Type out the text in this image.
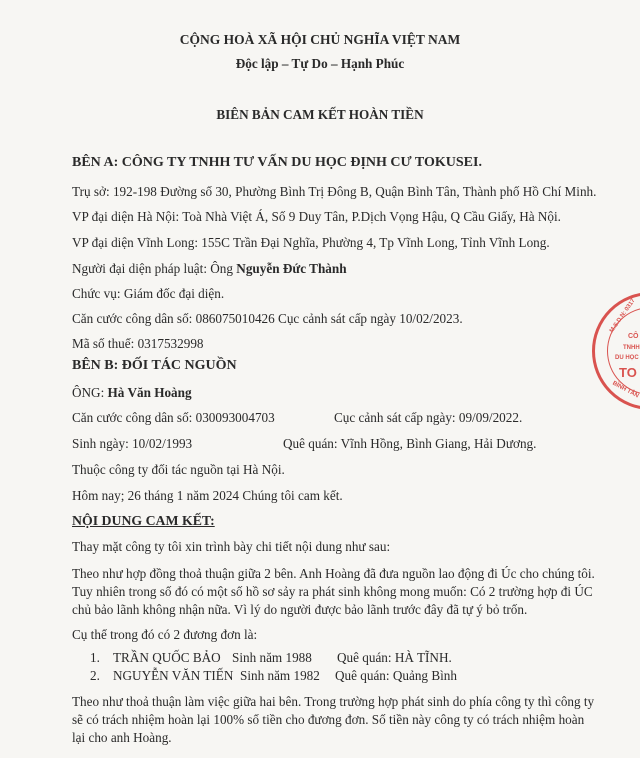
CỘNG HOÀ XÃ HỘI CHỦ NGHĨA VIỆT NAM
Độc lập – Tự Do – Hạnh Phúc
BIÊN BẢN CAM KẾT HOÀN TIỀN
BÊN A: CÔNG TY TNHH TƯ VẤN DU HỌC ĐỊNH CƯ TOKUSEI.
Trụ sở: 192-198 Đường số 30, Phường Bình Trị Đông B, Quận Bình Tân, Thành phố Hồ Chí Minh.
VP đại diện Hà Nội: Toà Nhà Việt Á, Số 9 Duy Tân, P.Dịch Vọng Hậu, Q Cầu Giấy, Hà Nội.
VP đại diện Vĩnh Long: 155C Trần Đại Nghĩa, Phường 4, Tp Vĩnh Long, Tỉnh Vĩnh Long.
Người đại diện pháp luật: Ông Nguyễn Đức Thành
Chức vụ: Giám đốc đại diện.
Căn cước công dân số: 086075010426 Cục cảnh sát cấp ngày 10/02/2023.
Mã số thuế: 0317532998
BÊN B: ĐỐI TÁC NGUỒN
ÔNG: Hà Văn Hoàng
Căn cước công dân số: 030093004703	Cục cảnh sát cấp ngày: 09/09/2022.
Sinh ngày: 10/02/1993	Quê quán: Vĩnh Hồng, Bình Giang, Hải Dương.
Thuộc công ty đối tác nguồn tại Hà Nội.
Hôm nay; 26 tháng 1 năm 2024 Chúng tôi cam kết.
NỘI DUNG CAM KẾT:
Thay mặt công ty tôi xin trình bày chi tiết nội dung như sau:
Theo như hợp đồng thoả thuận giữa 2 bên. Anh Hoàng đã đưa nguồn lao động đi Úc cho chúng tôi.
Tuy nhiên trong số đó có một số hồ sơ sảy ra phát sinh không mong muốn: Có 2 trường hợp đi ÚC
chủ bảo lãnh không nhận nữa. Vì lý do người được bảo lãnh trước đây đã tự ý bỏ trốn.
Cụ thể trong đó có 2 đương đơn là:
1. TRẦN QUỐC BẢO Sinh năm 1988 Quê quán: HÀ TĨNH.
2. NGUYỄN VĂN TIẾN Sinh năm 1982 Quê quán: Quảng Bình
Theo như thoả thuận làm việc giữa hai bên. Trong trường hợp phát sinh do phía công ty thì công ty
sẽ có trách nhiệm hoàn lại 100% số tiền cho đương đơn. Số tiền này công ty có trách nhiệm hoàn
lại cho anh Hoàng.
M.S.D.N: 0317
CÔ
TNHH
DU HỌC
TO
BÌNH TÂN
